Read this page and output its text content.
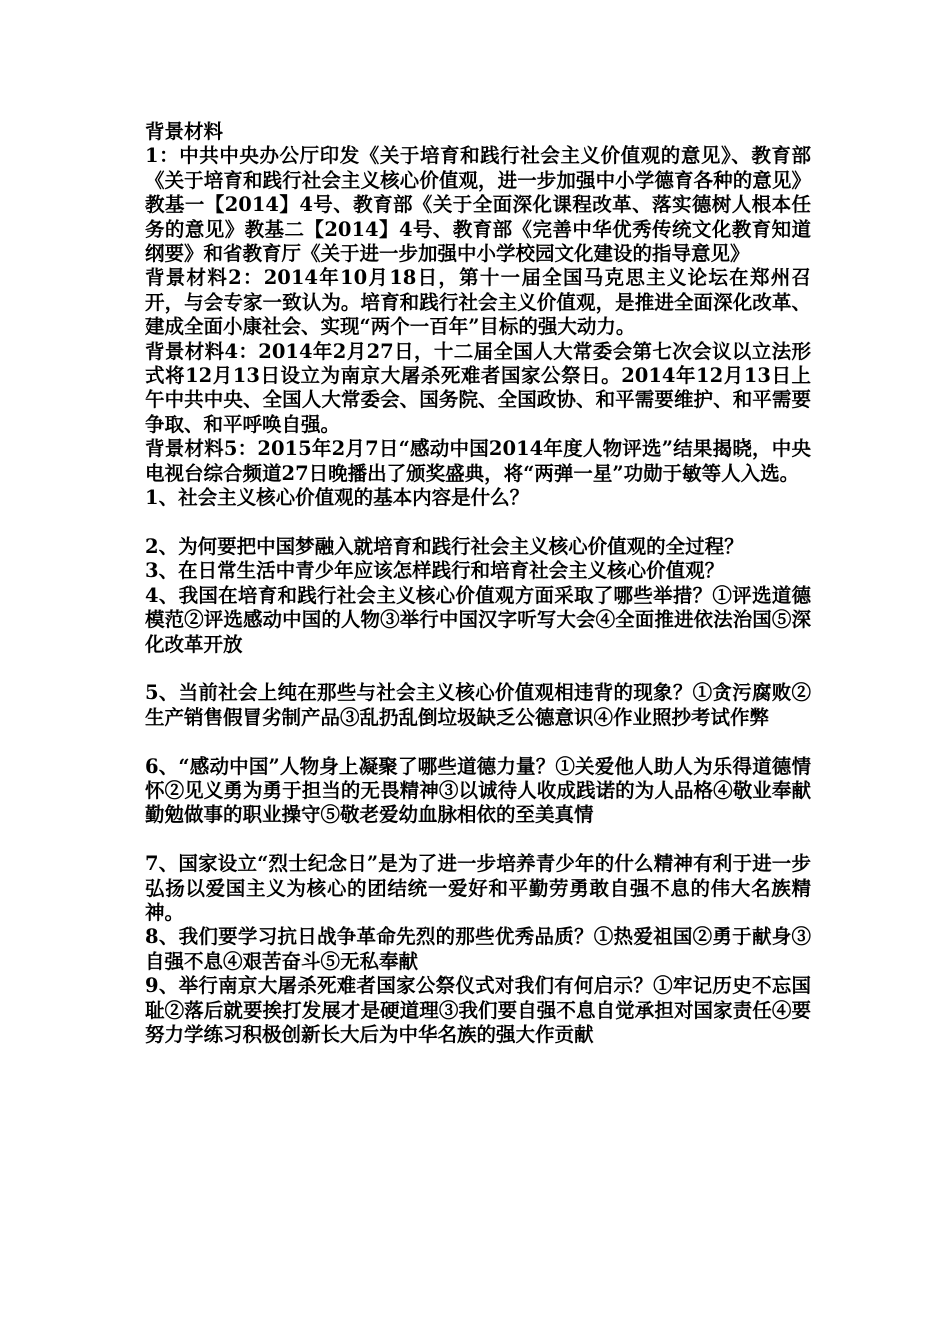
背景材料

1：中共中央办公厅印发《关于培育和践行社会主义价值观的意见》、教育部《关于培育和践行社会主义核心价值观，进一步加强中小学德育各种的意见》教基一【2014】4号、教育部《关于全面深化课程改革、落实德树人根本任务的意见》教基二【2014】4号、教育部《完善中华优秀传统文化教育知道纲要》和省教育厅《关于进一步加强中小学校园文化建设的指导意见》

背景材料2：2014年10月18日，第十一届全国马克思主义论坛在郑州召开，与会专家一致认为。培育和践行社会主义价值观，是推进全面深化改革、建成全面小康社会、实现“两个一百年”目标的强大动力。

背景材料4：2014年2月27日，十二届全国人大常委会第七次会议以立法形式将12月13日设立为南京大屠杀死难者国家公祭日。2014年12月13日上午中共中央、全国人大常委会、国务院、全国政协、和平需要维护、和平需要争取、和平呼唤自强。

背景材料5：2015年2月7日“感动中国2014年度人物评选”结果揭晓，中央电视台综合频道27日晚播出了颁奖盛典，将“两弹一星”功勋于敏等人入选。

1、社会主义核心价值观的基本内容是什么？

2、为何要把中国梦融入就培育和践行社会主义核心价值观的全过程？

3、在日常生活中青少年应该怎样践行和培育社会主义核心价值观？

4、我国在培育和践行社会主义核心价值观方面采取了哪些举措？①评选道德模范②评选感动中国的人物③举行中国汉字听写大会④全面推进依法治国⑤深化改革开放

5、当前社会上纯在那些与社会主义核心价值观相违背的现象？①贪污腐败②生产销售假冒劣制产品③乱扔乱倒垃圾缺乏公德意识④作业照抄考试作弊

6、“感动中国”人物身上凝聚了哪些道德力量？①关爱他人助人为乐得道德情怀②见义勇为勇于担当的无畏精神③以诚待人收成践诺的为人品格④敬业奉献勤勉做事的职业操守⑤敬老爱幼血脉相依的至美真情

7、国家设立“烈士纪念日”是为了进一步培养青少年的什么精神有利于进一步弘扬以爱国主义为核心的团结统一爱好和平勤劳勇敢自强不息的伟大名族精神。

8、我们要学习抗日战争革命先烈的那些优秀品质？①热爱祖国②勇于献身③自强不息④艰苦奋斗⑤无私奉献

9、举行南京大屠杀死难者国家公祭仪式对我们有何启示？①牢记历史不忘国耻②落后就要挨打发展才是硬道理③我们要自强不息自觉承担对国家责任④要努力学练习积极创新长大后为中华名族的强大作贡献
